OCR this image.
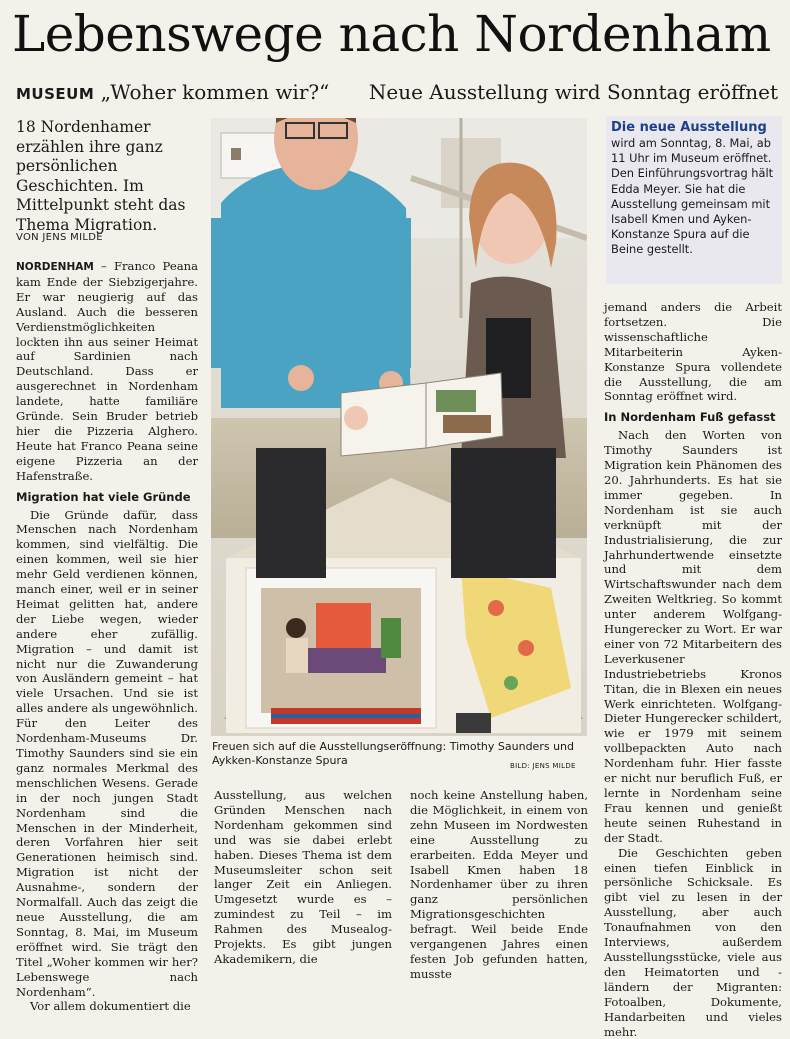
Lebenswege nach Nordenham
MUSEUM „Woher kommen wir?“ Neue Ausstellung wird Sonntag eröffnet
18 Nordenhamer erzählen ihre ganz persönlichen Geschichten. Im Mittelpunkt steht das Thema Migration.
VON JENS MILDE

NORDENHAM – Franco Peana kam Ende der Siebzigerjahre. Er war neugierig auf das Ausland. Auch die besseren Verdienstmöglichkeiten lockten ihn aus seiner Heimat auf Sardinien nach Deutschland. Dass er ausgerechnet in Nordenham landete, hatte familiäre Gründe. Sein Bruder betrieb hier die Pizzeria Alghero. Heute hat Franco Peana seine eigene Pizzeria an der Hafenstraße.

Migration hat viele Gründe

Die Gründe dafür, dass Menschen nach Nordenham kommen, sind vielfältig. Die einen kommen, weil sie hier mehr Geld verdienen können, manch einer, weil er in seiner Heimat gelitten hat, andere der Liebe wegen, wieder andere eher zufällig. Migration – und damit ist nicht nur die Zuwanderung von Ausländern gemeint – hat viele Ursachen. Und sie ist alles andere als ungewöhnlich. Für den Leiter des Nordenham-Museums Dr. Timothy Saunders sind sie ein ganz normales Merkmal des menschlichen Wesens. Gerade in der noch jungen Stadt Nordenham sind die Menschen in der Minderheit, deren Vorfahren hier seit Generationen heimisch sind. Migration ist nicht der Ausnahme-, sondern der Normalfall. Auch das zeigt die neue Ausstellung, die am Sonntag, 8. Mai, im Museum eröffnet wird. Sie trägt den Titel „Woher kommen wir her? Lebenswege nach Nordenham“.

Vor allem dokumentiert die

Freuen sich auf die Ausstellungseröffnung: Timothy Saunders und Aykken-Konstanze Spura	BILD: JENS MILDE

Ausstellung, aus welchen Gründen Menschen nach Nordenham gekommen sind und was sie dabei erlebt haben. Dieses Thema ist dem Museumsleiter schon seit langer Zeit ein Anliegen. Umgesetzt wurde es – zumindest zu Teil – im Rahmen des Musealog-Projekts. Es gibt jungen Akademikern, die

noch keine Anstellung haben, die Möglichkeit, in einem von zehn Museen im Nordwesten eine Ausstellung zu erarbeiten. Edda Meyer und Isabell Kmen haben 18 Nordenhamer über zu ihren ganz persönlichen Migrationsgeschichten befragt. Weil beide Ende vergangenen Jahres einen festen Job gefunden hatten, musste

Die neue Ausstellung
wird am Sonntag, 8. Mai, ab 11 Uhr im Museum eröffnet. Den Einführungsvortrag hält Edda Meyer. Sie hat die Ausstellung gemeinsam mit Isabell Kmen und Ayken-Konstanze Spura auf die Beine gestellt.

jemand anders die Arbeit fortsetzen. Die wissenschaftliche Mitarbeiterin Ayken-Konstanze Spura vollendete die Ausstellung, die am Sonntag eröffnet wird.

In Nordenham Fuß gefasst

Nach den Worten von Timothy Saunders ist Migration kein Phänomen des 20. Jahrhunderts. Es hat sie immer gegeben. In Nordenham ist sie auch verknüpft mit der Industrialisierung, die zur Jahrhundertwende einsetzte und mit dem Wirtschaftswunder nach dem Zweiten Weltkrieg. So kommt unter anderem Wolfgang-Hungerecker zu Wort. Er war einer von 72 Mitarbeitern des Leverkusener Industriebetriebs Kronos Titan, die in Blexen ein neues Werk einrichteten. Wolfgang-Dieter Hungerecker schildert, wie er 1979 mit seinem vollbepackten Auto nach Nordenham fuhr. Hier fasste er nicht nur beruflich Fuß, er lernte in Nordenham seine Frau kennen und genießt heute seinen Ruhestand in der Stadt.

Die Geschichten geben einen tiefen Einblick in persönliche Schicksale. Es gibt viel zu lesen in der Ausstellung, aber auch Tonaufnahmen von den Interviews, außerdem Ausstellungsstücke, viele aus den Heimatorten und -ländern der Migranten: Fotoalben, Dokumente, Handarbeiten und vieles mehr.
